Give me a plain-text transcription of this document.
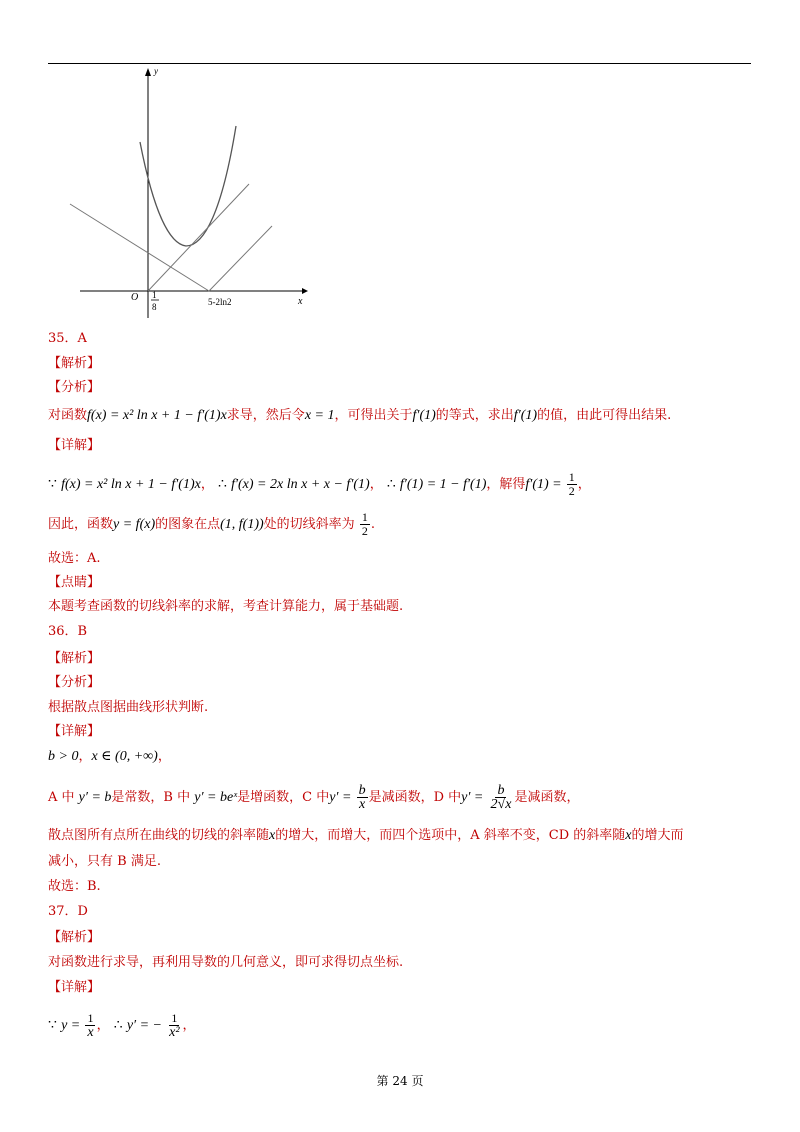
y
x
O 1
8	5-2ln2
35．A
【解析】
【分析】
对函数f(x) = x² ln x + 1 − f′(1)x求导，然后令x = 1，可得出关于f′(1)的等式，求出f′(1)的值，由此可得出结果.
【详解】
∵ f(x) = x² ln x + 1 − f′(1)x， ∴ f′(x) = 2x ln x + x − f′(1)， ∴ f′(1) = 1 − f′(1)，解得$f'(1) = \frac{1}{2}$ ，
因此，函数y = f(x)的图象在点(1, f(1))处的切线斜率为 $\frac{1}{2}$ .
故选：A.
【点睛】
本题考查函数的切线斜率的求解，考查计算能力，属于基础题.
36．B
【解析】
【分析】
根据散点图据曲线形状判断.
【详解】
b > 0，x ∈ (0, +∞)，
A 中 y′ = b是常数，B 中 y′ = beˣ是增函数，C 中$y' = \frac{b}{x}$ 是减函数，D 中$y' = \frac{b}{2√x}$ 是减函数，
散点图所有点所在曲线的切线的斜率随x的增大，而增大，而四个选项中，A 斜率不变，CD 的斜率随x的增大而
减小，只有 B 满足.
故选：B.
37．D
【解析】
对函数进行求导，再利用导数的几何意义，即可求得切点坐标.
【详解】
∵ $y = \frac{1}{x}$ ， ∴ y′ = − $\frac{1}{\text{x²}}$ ，
第 24 页
